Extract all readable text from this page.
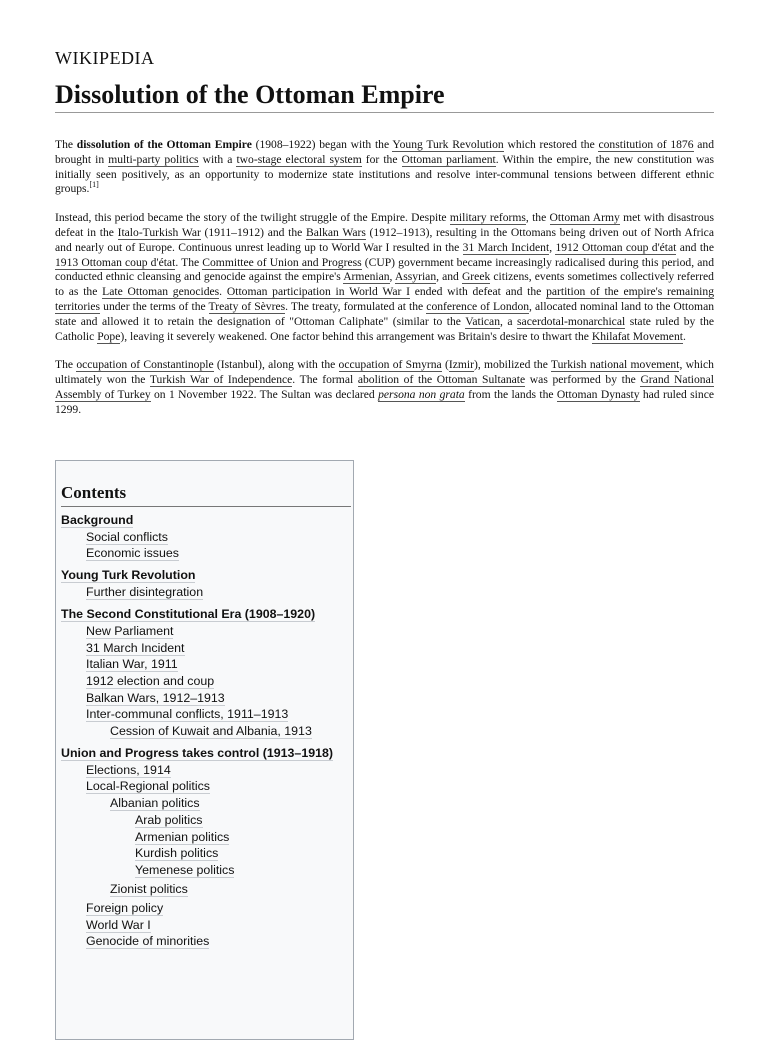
WIKIPEDIA
Dissolution of the Ottoman Empire

The dissolution of the Ottoman Empire (1908–1922) began with the Young Turk Revolution which restored the constitution of 1876 and brought in multi-party politics with a two-stage electoral system for the Ottoman parliament. Within the empire, the new constitution was initially seen positively, as an opportunity to modernize state institutions and resolve inter-communal tensions between different ethnic groups.[1]

Instead, this period became the story of the twilight struggle of the Empire. Despite military reforms, the Ottoman Army met with disastrous defeat in the Italo-Turkish War (1911–1912) and the Balkan Wars (1912–1913), resulting in the Ottomans being driven out of North Africa and nearly out of Europe. Continuous unrest leading up to World War I resulted in the 31 March Incident, 1912 Ottoman coup d'état and the 1913 Ottoman coup d'état. The Committee of Union and Progress (CUP) government became increasingly radicalised during this period, and conducted ethnic cleansing and genocide against the empire's Armenian, Assyrian, and Greek citizens, events sometimes collectively referred to as the Late Ottoman genocides. Ottoman participation in World War I ended with defeat and the partition of the empire's remaining territories under the terms of the Treaty of Sèvres. The treaty, formulated at the conference of London, allocated nominal land to the Ottoman state and allowed it to retain the designation of "Ottoman Caliphate" (similar to the Vatican, a sacerdotal-monarchical state ruled by the Catholic Pope), leaving it severely weakened. One factor behind this arrangement was Britain's desire to thwart the Khilafat Movement.

The occupation of Constantinople (Istanbul), along with the occupation of Smyrna (Izmir), mobilized the Turkish national movement, which ultimately won the Turkish War of Independence. The formal abolition of the Ottoman Sultanate was performed by the Grand National Assembly of Turkey on 1 November 1922. The Sultan was declared persona non grata from the lands the Ottoman Dynasty had ruled since 1299.

Contents
Background
Social conflicts
Economic issues
Young Turk Revolution
Further disintegration
The Second Constitutional Era (1908–1920)
New Parliament
31 March Incident
Italian War, 1911
1912 election and coup
Balkan Wars, 1912–1913
Inter-communal conflicts, 1911–1913
Cession of Kuwait and Albania, 1913
Union and Progress takes control (1913–1918)
Elections, 1914
Local-Regional politics
Albanian politics
Arab politics
Armenian politics
Kurdish politics
Yemenese politics
Zionist politics
Foreign policy
World War I
Genocide of minorities
